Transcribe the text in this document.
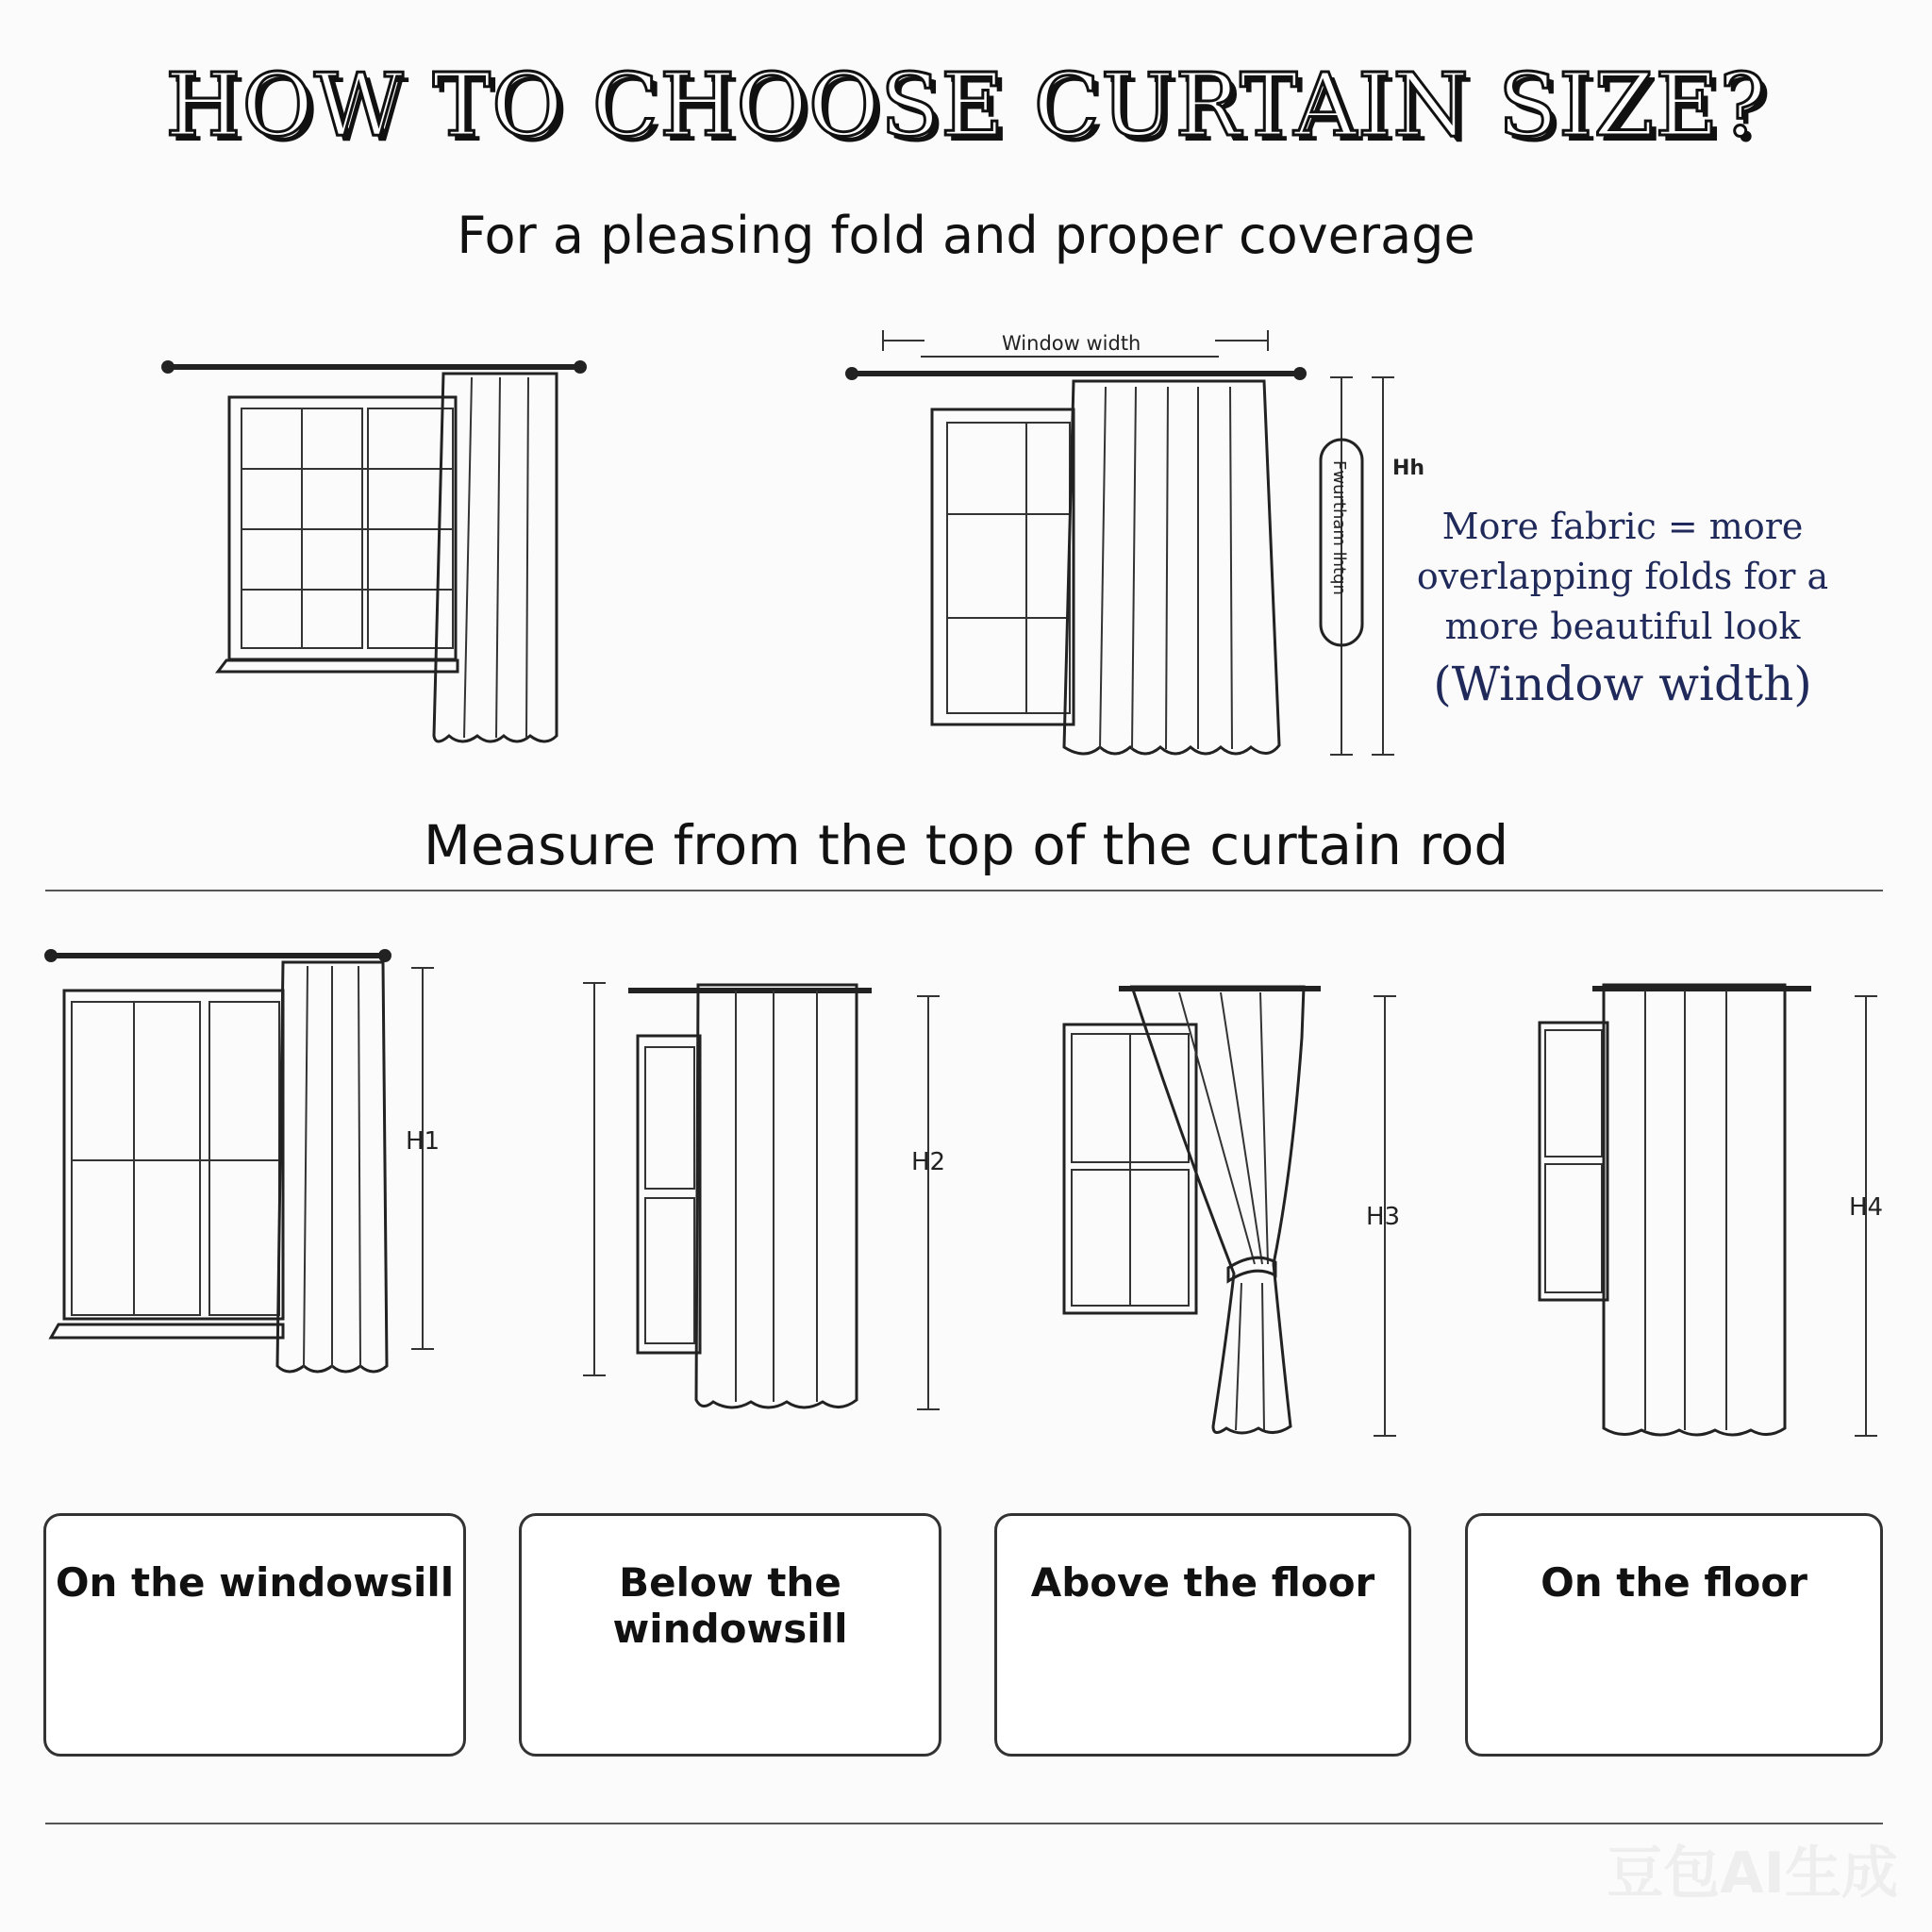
HOW TO CHOOSE CURTAIN SIZE?
For a pleasing fold and proper coverage
Window width
Hh
Fwurtham lhtqn
H1
H2
H3	H4
More fabric = more
overlapping folds for a
more beautiful look
(Window width)
Measure from the top of the curtain rod
On the windowsill	Below the windowsill
Above the floor	On the floor
豆包AI生成
